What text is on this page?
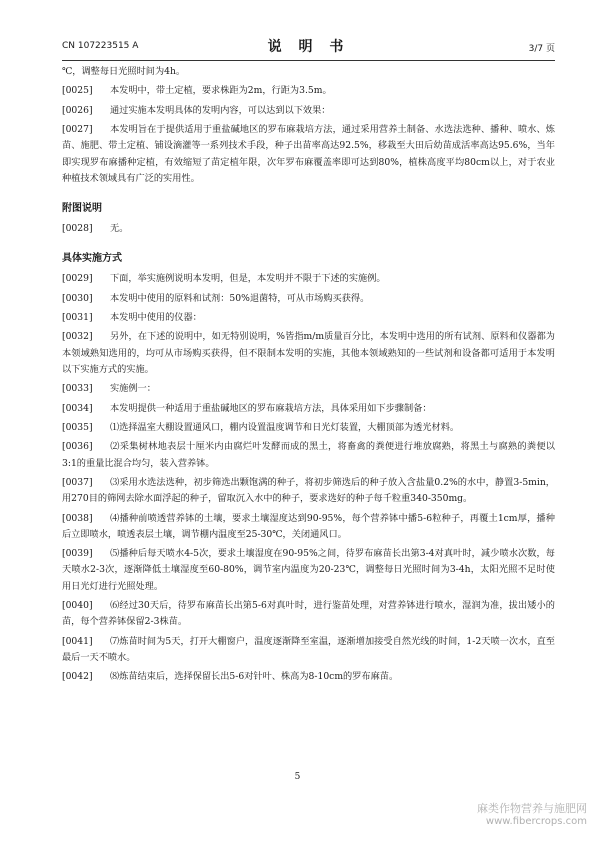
CN 107223515 A	说 明 书	3/7 页
℃，调整每日光照时间为4h。
[0025] 本发明中，带土定植，要求株距为2m，行距为3.5m。
[0026] 通过实施本发明具体的发明内容，可以达到以下效果：
[0027] 本发明旨在于提供适用于重盐碱地区的罗布麻栽培方法，通过采用营养土制备、水选法选种、播种、喷水、炼苗、施肥、带土定植、铺设滴灌等一系列技术手段，种子出苗率高达92.5%，移栽至大田后幼苗成活率高达95.6%，当年即实现罗布麻播种定植，有效缩短了苗定植年限，次年罗布麻覆盖率即可达到80%，植株高度平均80cm以上，对于农业种植技术领域具有广泛的实用性。
附图说明
[0028] 无。
具体实施方式
[0029] 下面，举实施例说明本发明，但是，本发明并不限于下述的实施例。
[0030] 本发明中使用的原料和试剂：50%退菌特，可从市场购买获得。
[0031] 本发明中使用的仪器：
[0032] 另外，在下述的说明中，如无特别说明，%皆指m/m质量百分比，本发明中选用的所有试剂、原料和仪器都为本领域熟知选用的，均可从市场购买获得，但不限制本发明的实施，其他本领域熟知的一些试剂和设备都可适用于本发明以下实施方式的实施。
[0033] 实施例一：
[0034] 本发明提供一种适用于重盐碱地区的罗布麻栽培方法，具体采用如下步骤制备：
[0035] ⑴选择温室大棚设置通风口，棚内设置温度调节和日光灯装置，大棚顶部为透光材料。
[0036] ⑵采集树林地表层十厘米内由腐烂叶发酵而成的黑土，将畜禽的粪便进行堆放腐熟，将黑土与腐熟的粪便以3:1的重量比混合均匀，装入营养钵。
[0037] ⑶采用水选法选种，初步筛选出颗饱满的种子，将初步筛选后的种子放入含盐量0.2%的水中，静置3-5min，用270目的筛网去除水面浮起的种子，留取沉入水中的种子，要求选好的种子每千粒重340-350mg。
[0038] ⑷播种前喷透营养钵的土壤，要求土壤湿度达到90-95%，每个营养钵中播5-6粒种子，再覆土1cm厚，播种后立即喷水，喷透表层土壤，调节棚内温度至25-30℃，关闭通风口。
[0039] ⑸播种后每天喷水4-5次，要求土壤湿度在90-95%之间，待罗布麻苗长出第3-4对真叶时，减少喷水次数，每天喷水2-3次，逐渐降低土壤湿度至60-80%，调节室内温度为20-23℃，调整每日光照时间为3-4h，太阳光照不足时使用日光灯进行光照处理。
[0040] ⑹经过30天后，待罗布麻苗长出第5-6对真叶时，进行鉴苗处理，对营养钵进行喷水，湿润为准，拔出矮小的苗，每个营养钵保留2-3株苗。
[0041] ⑺炼苗时间为5天，打开大棚窗户，温度逐渐降至室温，逐渐增加接受自然光线的时间，1-2天喷一次水，直至最后一天不喷水。
[0042] ⑻炼苗结束后，选择保留长出5-6对针叶、株高为8-10cm的罗布麻苗。
5
麻类作物营养与施肥网
www.fibercrops.com
